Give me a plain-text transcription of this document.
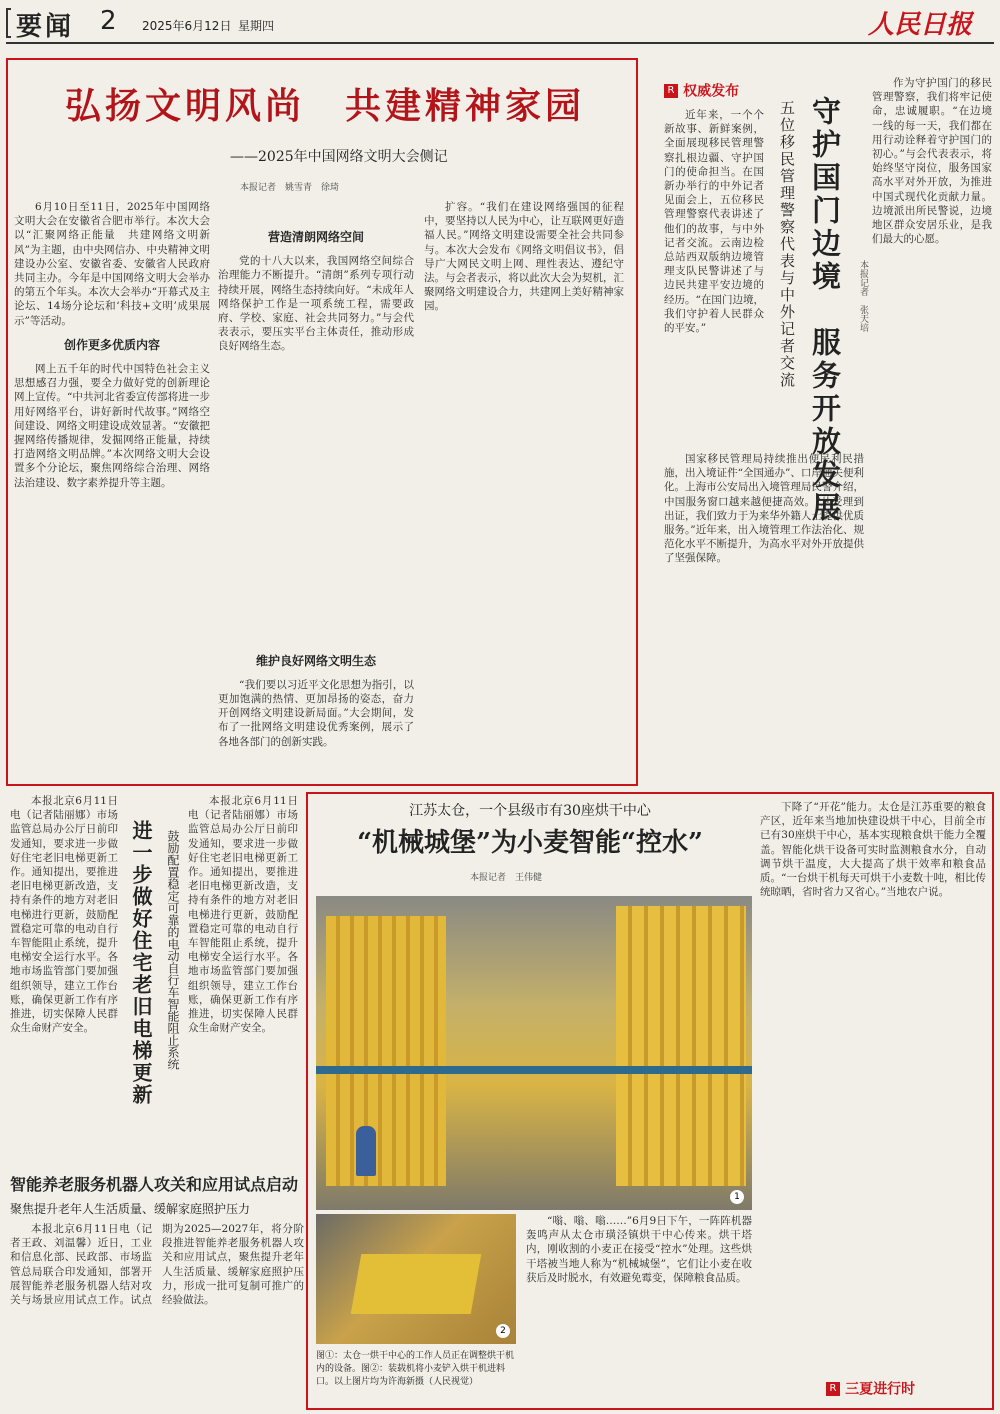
要闻 2 2025年6月12日 星期四	人民日报
弘扬文明风尚　共建精神家园
——2025年中国网络文明大会侧记
本报记者　姚雪青　徐琦

6月10日至11日，2025年中国网络文明大会在安徽省合肥市举行。本次大会以“汇聚网络正能量　共建网络文明新风”为主题，由中央网信办、中央精神文明建设办公室、安徽省委、安徽省人民政府共同主办。今年是中国网络文明大会举办的第五个年头。本次大会举办“开幕式及主论坛、14场分论坛和‘科技+文明’成果展示”等活动。

创作更多优质内容

网上五千年的时代中国特色社会主义思想感召力强，要全力做好党的创新理论网上宣传。“中共河北省委宣传部将进一步用好网络平台，讲好新时代故事。”网络空间建设、网络文明建设成效显著。“安徽把握网络传播规律，发掘网络正能量，持续打造网络文明品牌。”本次网络文明大会设置多个分论坛，聚焦网络综合治理、网络法治建设、数字素养提升等主题。

营造清朗网络空间

党的十八大以来，我国网络空间综合治理能力不断提升。“清朗”系列专项行动持续开展，网络生态持续向好。“未成年人网络保护工作是一项系统工程，需要政府、学校、家庭、社会共同努力。”与会代表表示，要压实平台主体责任，推动形成良好网络生态。

维护良好网络文明生态

“我们要以习近平文化思想为指引，以更加饱满的热情、更加昂扬的姿态，奋力开创网络文明建设新局面。”大会期间，发布了一批网络文明建设优秀案例，展示了各地各部门的创新实践。

扩容。“我们在建设网络强国的征程中，要坚持以人民为中心，让互联网更好造福人民。”网络文明建设需要全社会共同参与。本次大会发布《网络文明倡议书》，倡导广大网民文明上网、理性表达、遵纪守法。与会者表示，将以此次大会为契机，汇聚网络文明建设合力，共建网上美好精神家园。

R 权威发布
守护国门边境　服务开放发展
五位移民管理警察代表与中外记者交流	本报记者　张天培

近年来，一个个新故事、新鲜案例，全面展现移民管理警察扎根边疆、守护国门的使命担当。在国新办举行的中外记者见面会上，五位移民管理警察代表讲述了他们的故事，与中外记者交流。云南边检总站西双版纳边境管理支队民警讲述了与边民共建平安边境的经历。“在国门边境，我们守护着人民群众的平安。”

国家移民管理局持续推出便民利民措施，出入境证件“全国通办”、口岸通关便利化。上海市公安局出入境管理局民警介绍，中国服务窗口越来越便捷高效。“从受理到出证，我们致力于为来华外籍人士提供优质服务。”近年来，出入境管理工作法治化、规范化水平不断提升，为高水平对外开放提供了坚强保障。

作为守护国门的移民管理警察，我们将牢记使命，忠诚履职。“在边境一线的每一天，我们都在用行动诠释着守护国门的初心。”与会代表表示，将始终坚守岗位，服务国家高水平对外开放，为推进中国式现代化贡献力量。边境派出所民警说，边境地区群众安居乐业，是我们最大的心愿。

本报北京6月11日电（记者陆丽娜）市场监管总局办公厅日前印发通知，要求进一步做好住宅老旧电梯更新工作。通知提出，要推进老旧电梯更新改造，支持有条件的地方对老旧电梯进行更新，鼓励配置稳定可靠的电动自行车智能阻止系统，提升电梯安全运行水平。各地市场监管部门要加强组织领导，建立工作台账，确保更新工作有序推进，切实保障人民群众生命财产安全。	进一步做好住宅老旧电梯更新	鼓励配置稳定可靠的电动自行车智能阻止系统

本报北京6月11日电（记者陆丽娜）市场监管总局办公厅日前印发通知，要求进一步做好住宅老旧电梯更新工作。通知提出，要推进老旧电梯更新改造，支持有条件的地方对老旧电梯进行更新，鼓励配置稳定可靠的电动自行车智能阻止系统，提升电梯安全运行水平。各地市场监管部门要加强组织领导，建立工作台账，确保更新工作有序推进，切实保障人民群众生命财产安全。

智能养老服务机器人攻关和应用试点启动
聚焦提升老年人生活质量、缓解家庭照护压力

本报北京6月11日电（记者王政、刘温馨）近日，工业和信息化部、民政部、市场监管总局联合印发通知，部署开展智能养老服务机器人结对攻关与场景应用试点工作。试点期为2025—2027年，将分阶段推进智能养老服务机器人攻关和应用试点，聚焦提升老年人生活质量、缓解家庭照护压力，形成一批可复制可推广的经验做法。

江苏太仓，一个县级市有30座烘干中心
“机械城堡”为小麦智能“控水”
本报记者　王伟健
1
2
图①：太仓一烘干中心的工作人员正在调整烘干机内的设备。图②：装载机将小麦铲入烘干机进料口。以上图片均为许海新摄（人民视觉）

“嗡、嗡、嗡……”6月9日下午，一阵阵机器轰鸣声从太仓市璜泾镇烘干中心传来。烘干塔内，刚收割的小麦正在接受“控水”处理。这些烘干塔被当地人称为“机械城堡”，它们让小麦在收获后及时脱水，有效避免霉变，保障粮食品质。

下降了“开花”能力。太仓是江苏重要的粮食产区，近年来当地加快建设烘干中心，目前全市已有30座烘干中心，基本实现粮食烘干能力全覆盖。智能化烘干设备可实时监测粮食水分，自动调节烘干温度，大大提高了烘干效率和粮食品质。“一台烘干机每天可烘干小麦数十吨，相比传统晾晒，省时省力又省心。”当地农户说。

R 三夏进行时
